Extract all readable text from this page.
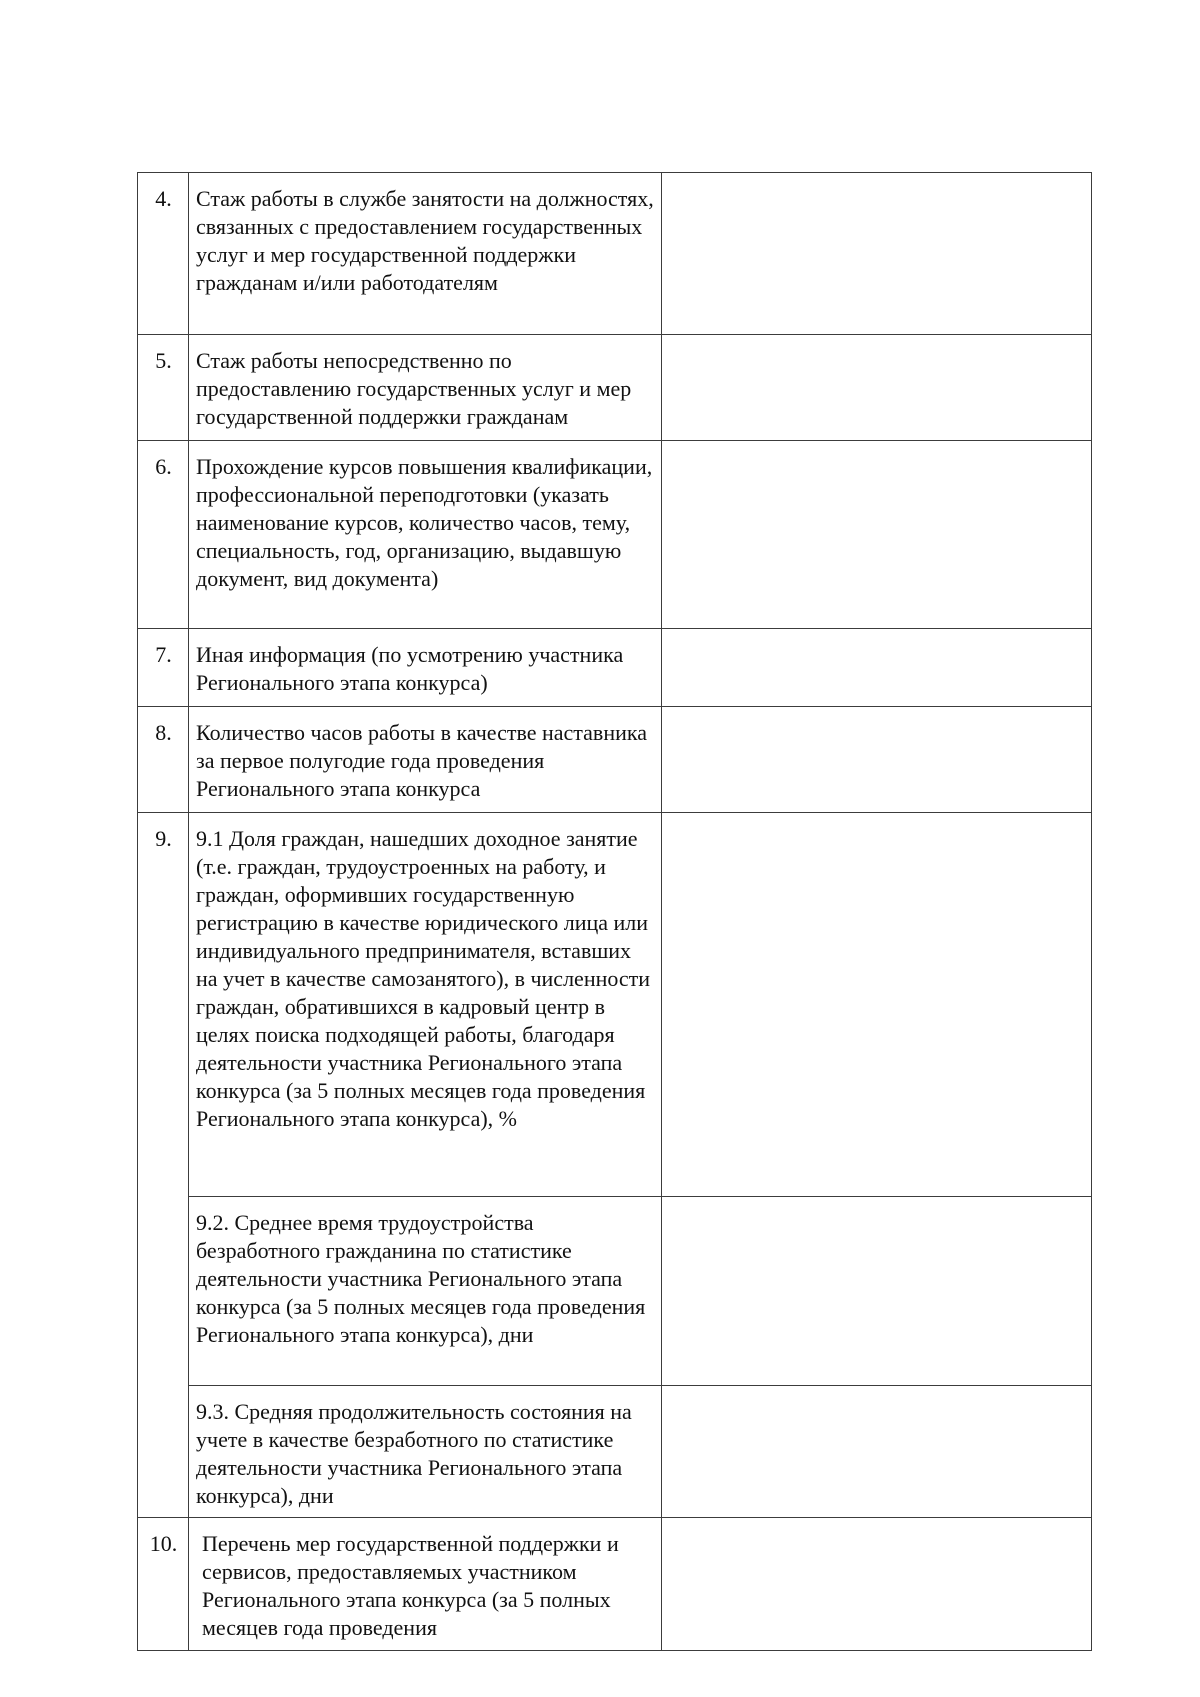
4.	Стаж работы в службе занятости на должностях, связанных с предоставлением государственных услуг и мер государственной поддержки гражданам и/или работодателям	
5.	Стаж работы непосредственно по предоставлению государственных услуг и мер государственной поддержки гражданам	
6.	Прохождение курсов повышения квалификации, профессиональной переподготовки (указать наименование курсов, количество часов, тему, специальность, год, организацию, выдавшую документ, вид документа)	
7.	Иная информация (по усмотрению участника Регионального этапа конкурса)	
8.	Количество часов работы в качестве наставника за первое полугодие года проведения Регионального этапа конкурса	
9.	9.1 Доля граждан, нашедших доходное занятие (т.е. граждан, трудоустроенных на работу, и граждан, оформивших государственную регистрацию в качестве юридического лица или индивидуального предпринимателя, вставших на учет в качестве самозанятого), в численности граждан, обратившихся в кадровый центр в целях поиска подходящей работы, благодаря деятельности участника Регионального этапа конкурса (за 5 полных месяцев года проведения Регионального этапа конкурса), %	
	9.2. Среднее время трудоустройства безработного гражданина по статистике деятельности участника Регионального этапа конкурса (за 5 полных месяцев года проведения Регионального этапа конкурса), дни	
	9.3. Средняя продолжительность состояния на учете в качестве безработного по статистике деятельности участника Регионального этапа конкурса), дни	
10.	Перечень мер государственной поддержки и сервисов, предоставляемых участником Регионального этапа конкурса (за 5 полных месяцев года проведения	
